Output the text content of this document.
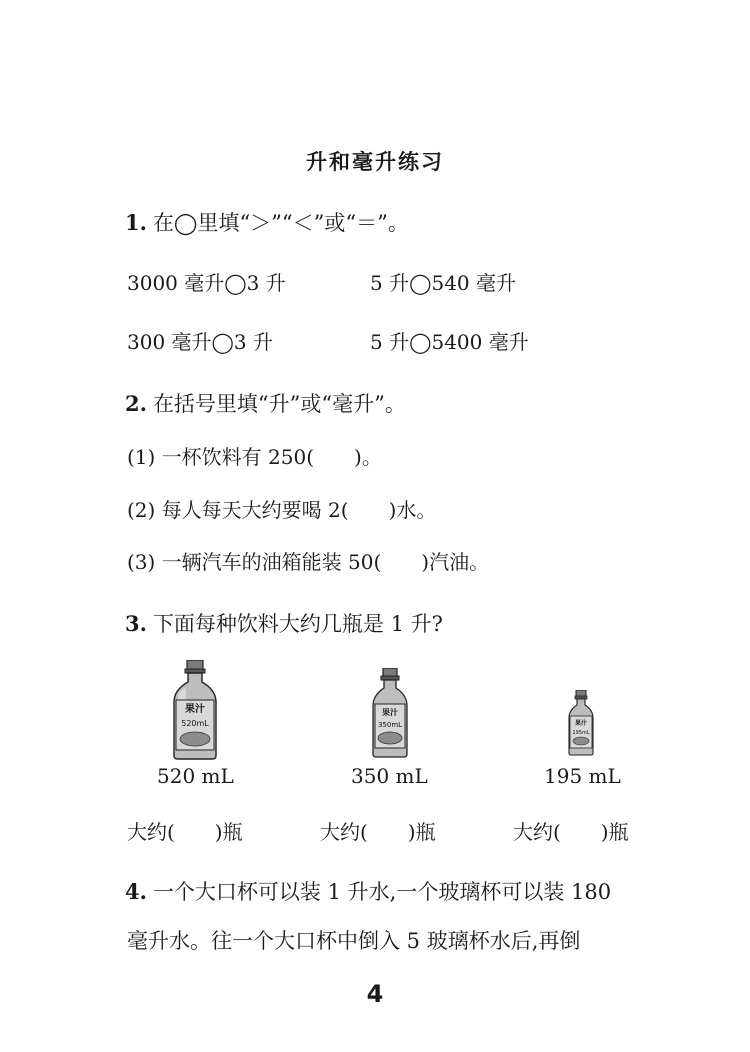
升和毫升练习
1. 在◯里填“＞”“＜”或“＝”。
3000 毫升◯3 升	5 升◯540 毫升
300 毫升◯3 升	5 升◯5400 毫升
2. 在括号里填“升”或“毫升”。
(1) 一杯饮料有 250(　　)。
(2) 每人每天大约要喝 2(　　)水。
(3) 一辆汽车的油箱能装 50(　　)汽油。
3. 下面每种饮料大约几瓶是 1 升?
果汁
520mL
果汁
350mL	果汁
195mL
520 mL	350 mL	195 mL
大约(　　)瓶	大约(　　)瓶	大约(　　)瓶
4. 一个大口杯可以装 1 升水,一个玻璃杯可以装 180
毫升水。往一个大口杯中倒入 5 玻璃杯水后,再倒
4
